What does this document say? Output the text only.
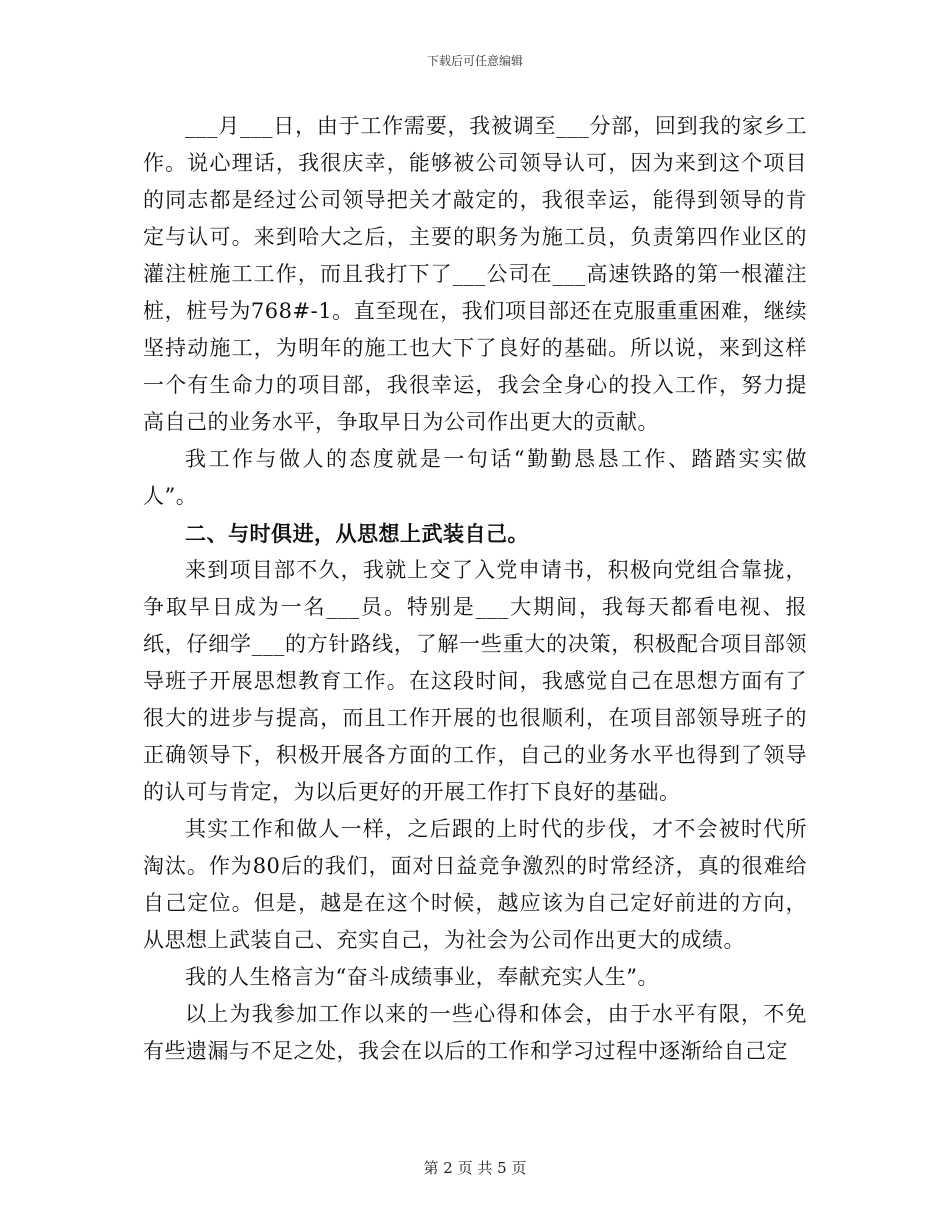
下载后可任意编辑

___月___日，由于工作需要，我被调至___分部，回到我的家乡工作。说心理话，我很庆幸，能够被公司领导认可，因为来到这个项目的同志都是经过公司领导把关才敲定的，我很幸运，能得到领导的肯定与认可。来到哈大之后，主要的职务为施工员，负责第四作业区的灌注桩施工工作，而且我打下了___公司在___高速铁路的第一根灌注桩，桩号为768#-1。直至现在，我们项目部还在克服重重困难，继续坚持动施工，为明年的施工也大下了良好的基础。所以说，来到这样一个有生命力的项目部，我很幸运，我会全身心的投入工作，努力提高自己的业务水平，争取早日为公司作出更大的贡献。

我工作与做人的态度就是一句话“勤勤恳恳工作、踏踏实实做人”。

二、与时俱进，从思想上武装自己。

来到项目部不久，我就上交了入党申请书，积极向党组合靠拢，争取早日成为一名___员。特别是___大期间，我每天都看电视、报纸，仔细学___的方针路线，了解一些重大的决策，积极配合项目部领导班子开展思想教育工作。在这段时间，我感觉自己在思想方面有了很大的进步与提高，而且工作开展的也很顺利，在项目部领导班子的正确领导下，积极开展各方面的工作，自己的业务水平也得到了领导的认可与肯定，为以后更好的开展工作打下良好的基础。

其实工作和做人一样，之后跟的上时代的步伐，才不会被时代所淘汰。作为80后的我们，面对日益竞争激烈的时常经济，真的很难给自己定位。但是，越是在这个时候，越应该为自己定好前进的方向，从思想上武装自己、充实自己，为社会为公司作出更大的成绩。

我的人生格言为“奋斗成绩事业，奉献充实人生”。

以上为我参加工作以来的一些心得和体会，由于水平有限，不免有些遗漏与不足之处，我会在以后的工作和学习过程中逐渐给自己定

第 2 页 共 5 页
